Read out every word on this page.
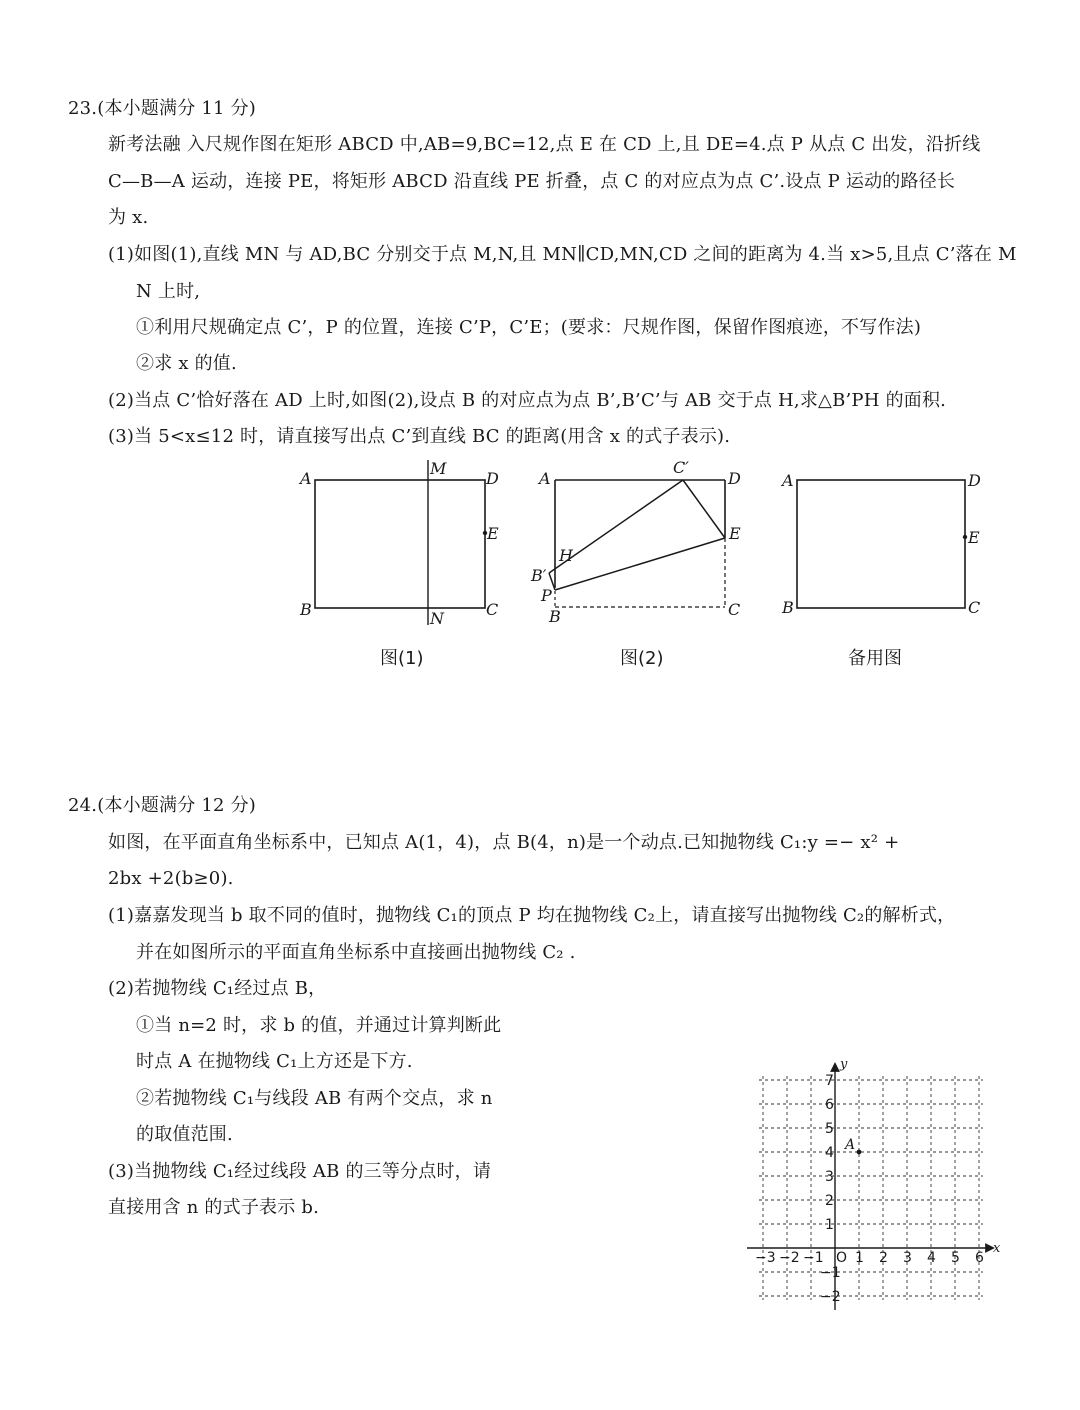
23.(本小题满分 11 分)
新考法融 入尺规作图在矩形 ABCD 中,AB=9,BC=12,点 E 在 CD 上,且 DE=4.点 P 从点 C 出发，沿折线
C—B—A 运动，连接 PE，将矩形 ABCD 沿直线 PE 折叠，点 C 的对应点为点 C’.设点 P 运动的路径长
为 x.
(1)如图(1),直线 MN 与 AD,BC 分别交于点 M,N,且 MN∥CD,MN,CD 之间的距离为 4.当 x>5,且点 C’落在 M
N 上时,
①利用尺规确定点 C’，P 的位置，连接 C’P，C’E；(要求：尺规作图，保留作图痕迹，不写作法)
②求 x 的值.
(2)当点 C’恰好落在 AD 上时,如图(2),设点 B 的对应点为点 B’,B’C’与 AB 交于点 H,求△B’PH 的面积.
(3)当 5<x≤12 时，请直接写出点 C’到直线 BC 的距离(用含 x 的式子表示).
A	D
M
E
B	C
N
图(1)
A	D
C′
E
H
B′
P
B	C
图(2)
A	D
E
B	C
备用图
24.(本小题满分 12 分)
如图，在平面直角坐标系中，已知点 A(1，4)，点 B(4，n)是一个动点.已知抛物线 C₁:y =− x² +
2bx +2(b≥0).
(1)嘉嘉发现当 b 取不同的值时，抛物线 C₁的顶点 P 均在抛物线 C₂上，请直接写出抛物线 C₂的解析式，
并在如图所示的平面直角坐标系中直接画出抛物线 C₂ .
(2)若抛物线 C₁经过点 B，
①当 n=2 时，求 b 的值，并通过计算判断此
时点 A 在抛物线 C₁上方还是下方.
②若抛物线 C₁与线段 AB 有两个交点，求 n
的取值范围.
(3)当抛物线 C₁经过线段 AB 的三等分点时，请
直接用含 n 的式子表示 b.
−3 −2 −1 1 2 3 4 5 6
7
6
5
4
3
2
1
−1
−2
x
y
O
A
